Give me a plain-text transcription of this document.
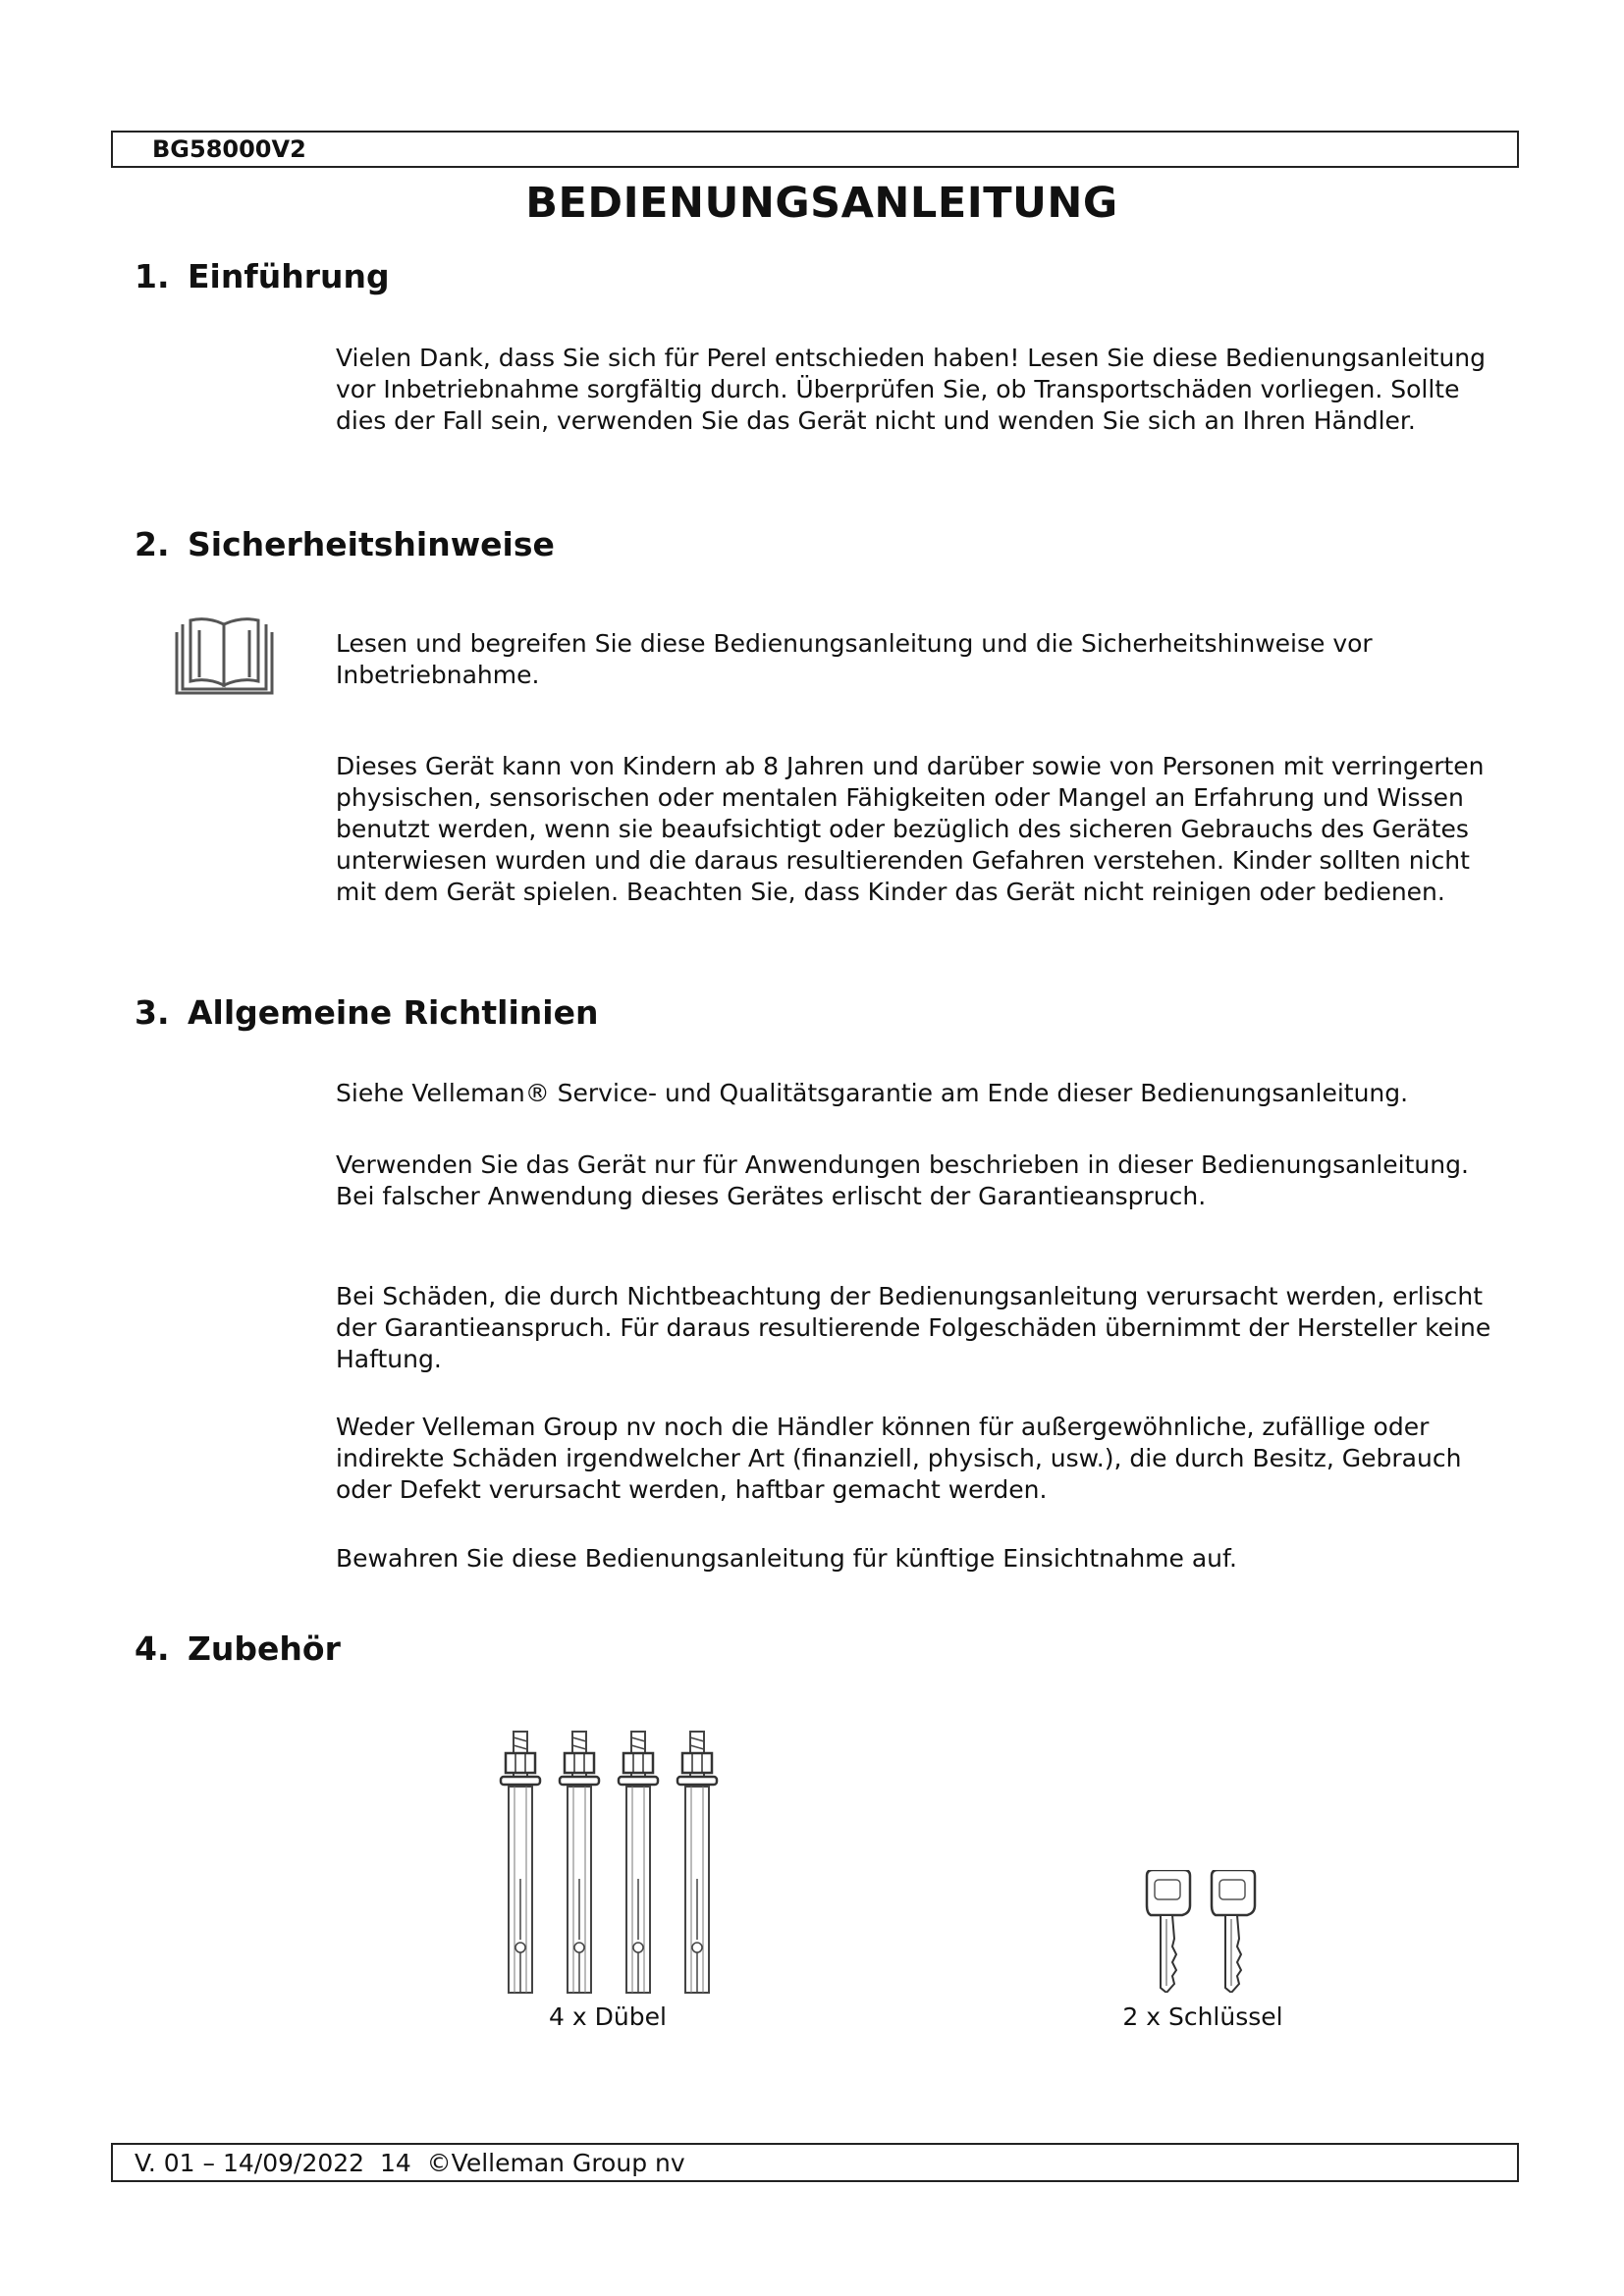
BG58000V2
BEDIENUNGSANLEITUNG
1. Einführung

Vielen Dank, dass Sie sich für Perel entschieden haben! Lesen Sie diese Bedienungsanleitung vor Inbetriebnahme sorgfältig durch. Überprüfen Sie, ob Transportschäden vorliegen. Sollte dies der Fall sein, verwenden Sie das Gerät nicht und wenden Sie sich an Ihren Händler.

2. Sicherheitshinweise

Lesen und begreifen Sie diese Bedienungsanleitung und die Sicherheitshinweise vor Inbetriebnahme.

Dieses Gerät kann von Kindern ab 8 Jahren und darüber sowie von Personen mit verringerten physischen, sensorischen oder mentalen Fähigkeiten oder Mangel an Erfahrung und Wissen benutzt werden, wenn sie beaufsichtigt oder bezüglich des sicheren Gebrauchs des Gerätes unterwiesen wurden und die daraus resultierenden Gefahren verstehen. Kinder sollten nicht mit dem Gerät spielen. Beachten Sie, dass Kinder das Gerät nicht reinigen oder bedienen.

3. Allgemeine Richtlinien

Siehe Velleman® Service- und Qualitätsgarantie am Ende dieser Bedienungsanleitung.

Verwenden Sie das Gerät nur für Anwendungen beschrieben in dieser Bedienungsanleitung. Bei falscher Anwendung dieses Gerätes erlischt der Garantieanspruch.

Bei Schäden, die durch Nichtbeachtung der Bedienungsanleitung verursacht werden, erlischt der Garantieanspruch. Für daraus resultierende Folgeschäden übernimmt der Hersteller keine Haftung.

Weder Velleman Group nv noch die Händler können für außergewöhnliche, zufällige oder indirekte Schäden irgendwelcher Art (finanziell, physisch, usw.), die durch Besitz, Gebrauch oder Defekt verursacht werden, haftbar gemacht werden.

Bewahren Sie diese Bedienungsanleitung für künftige Einsichtnahme auf.

4. Zubehör
4 x Dübel	2 x Schlüssel
V. 01 – 14/09/2022  14  ©Velleman Group nv
